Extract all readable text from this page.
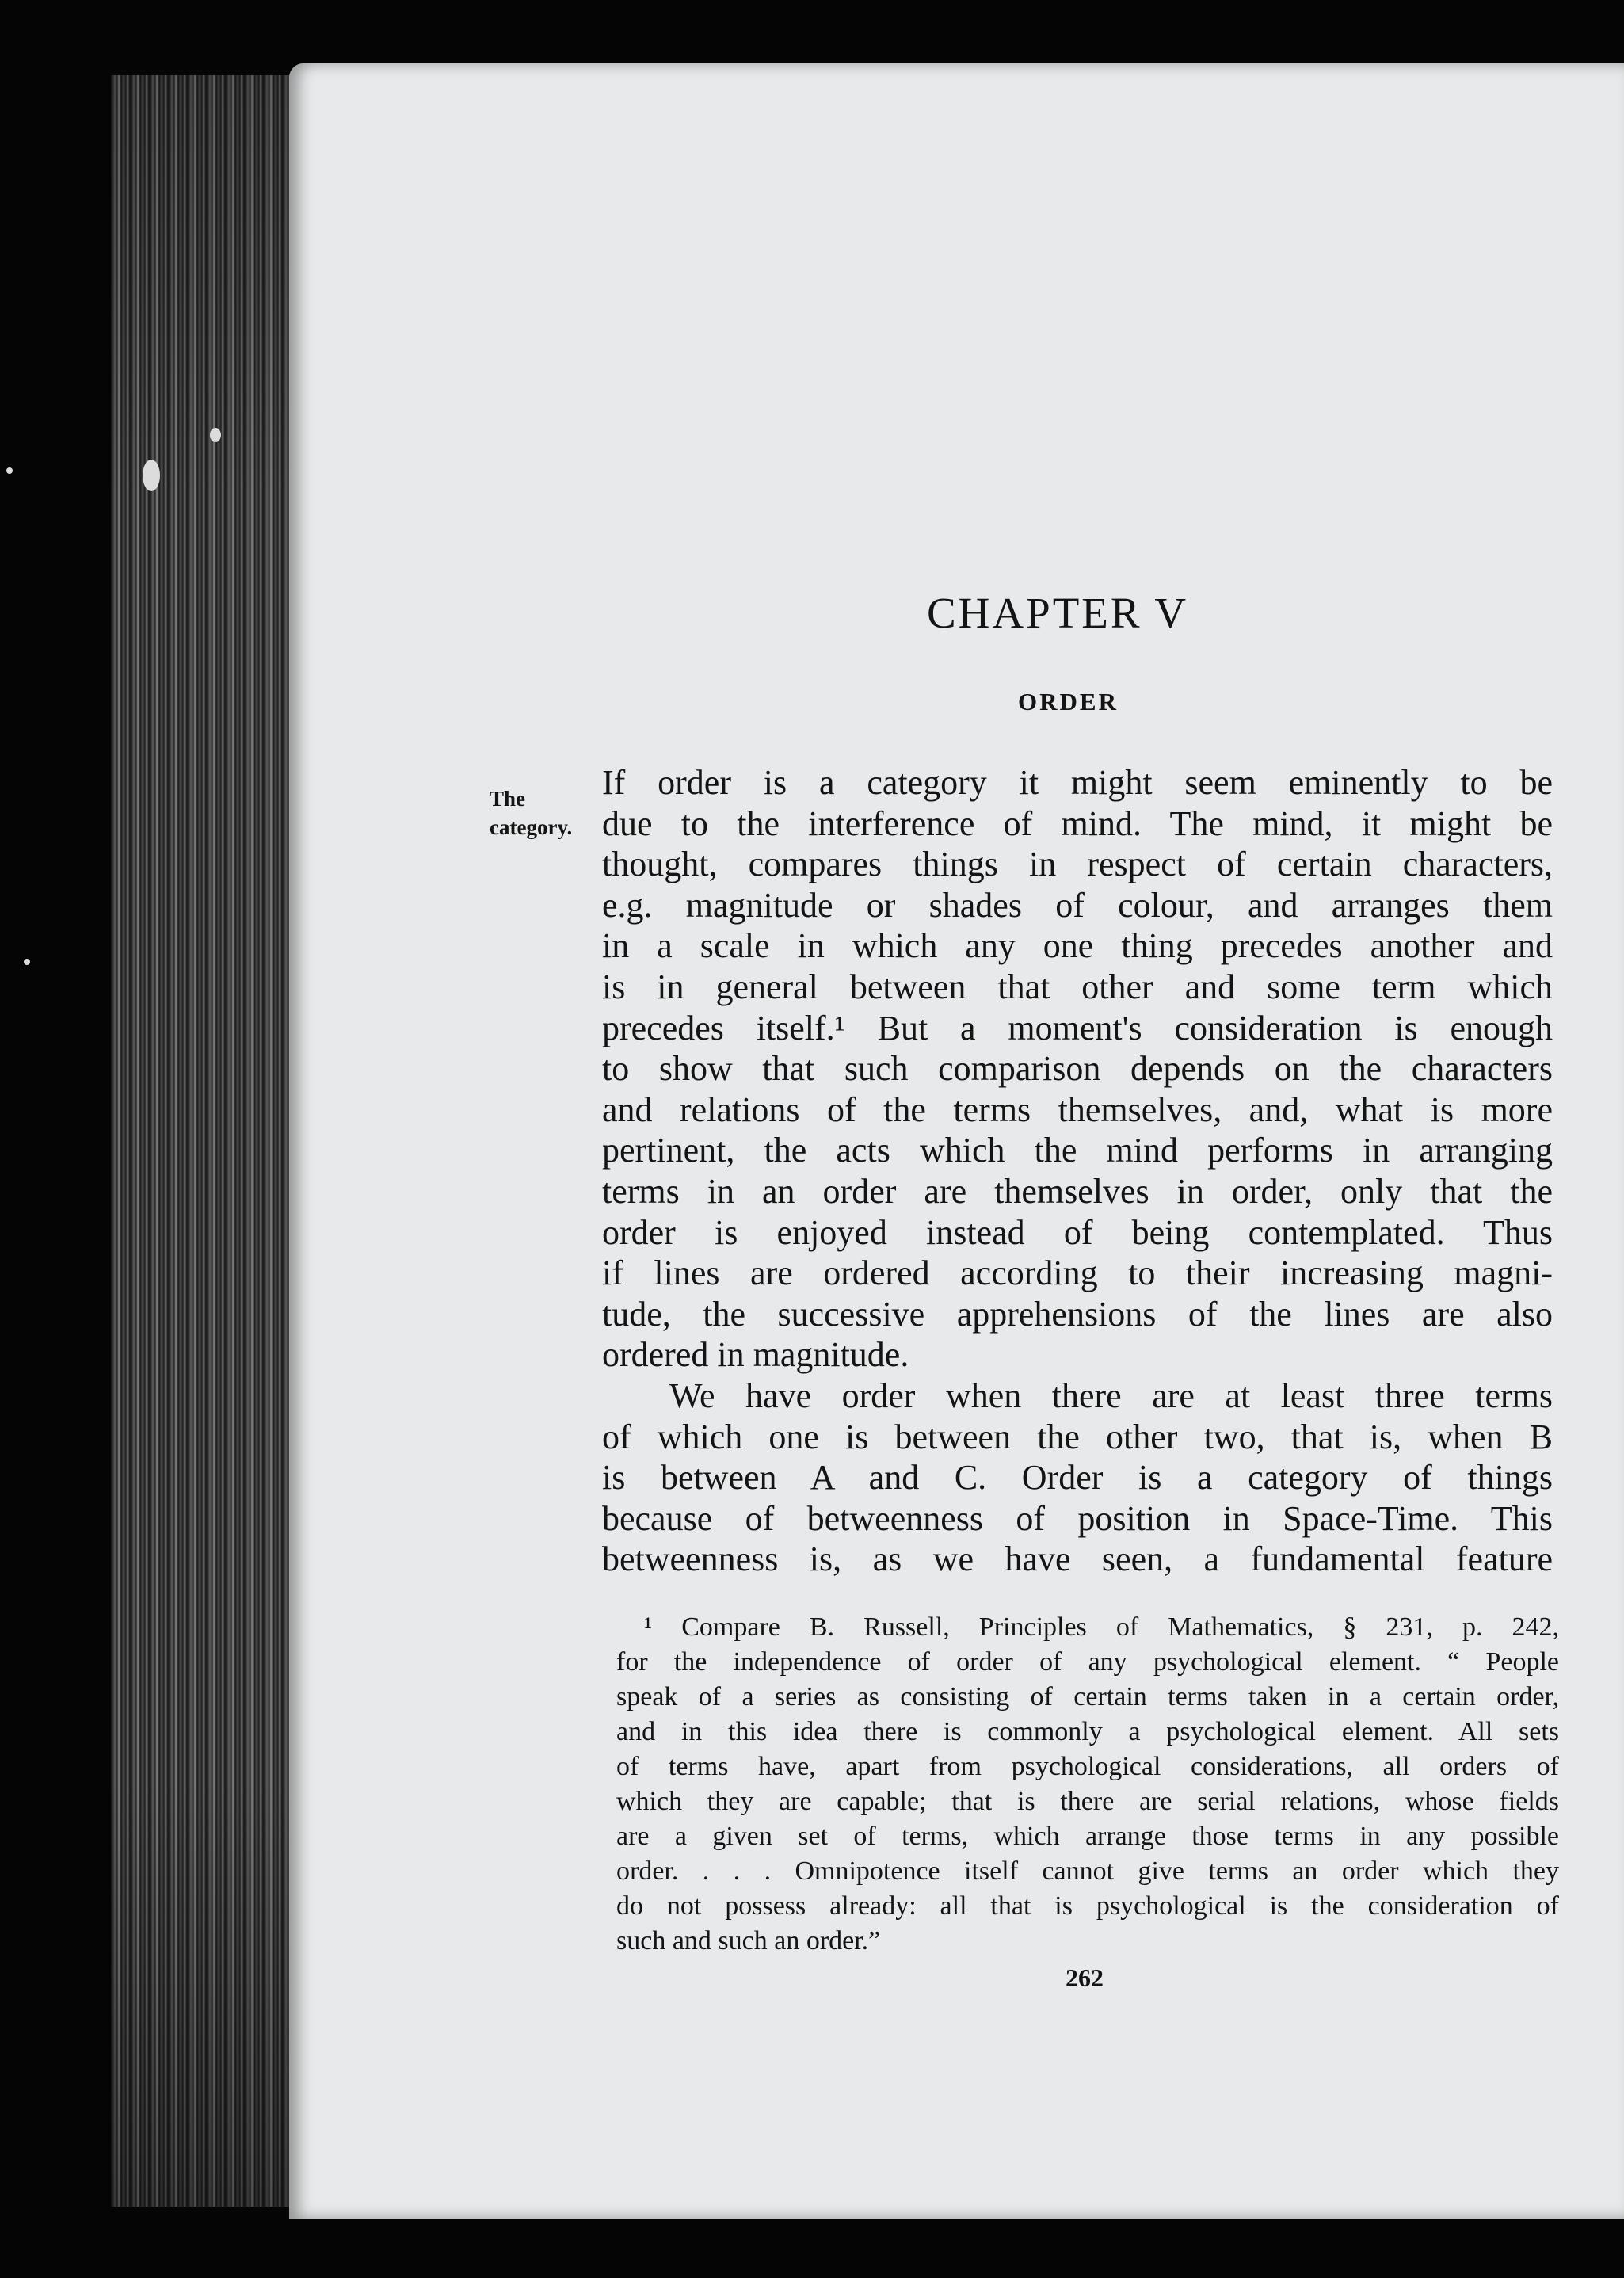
CHAPTER V
ORDER
The
category.
If order is a category it might seem eminently to be
due to the interference of mind. The mind, it might be
thought, compares things in respect of certain characters,
e.g. magnitude or shades of colour, and arranges them
in a scale in which any one thing precedes another and
is in general between that other and some term which
precedes itself.¹ But a moment's consideration is enough
to show that such comparison depends on the characters
and relations of the terms themselves, and, what is more
pertinent, the acts which the mind performs in arranging
terms in an order are themselves in order, only that the
order is enjoyed instead of being contemplated. Thus
if lines are ordered according to their increasing magni-
tude, the successive apprehensions of the lines are also
ordered in magnitude.
We have order when there are at least three terms
of which one is between the other two, that is, when B
is between A and C. Order is a category of things
because of betweenness of position in Space-Time. This
betweenness is, as we have seen, a fundamental feature
¹ Compare B. Russell, Principles of Mathematics, § 231, p. 242,
for the independence of order of any psychological element. “ People
speak of a series as consisting of certain terms taken in a certain order,
and in this idea there is commonly a psychological element. All sets
of terms have, apart from psychological considerations, all orders of
which they are capable; that is there are serial relations, whose fields
are a given set of terms, which arrange those terms in any possible
order. . . . Omnipotence itself cannot give terms an order which they
do not possess already: all that is psychological is the consideration of
such and such an order.”
262
